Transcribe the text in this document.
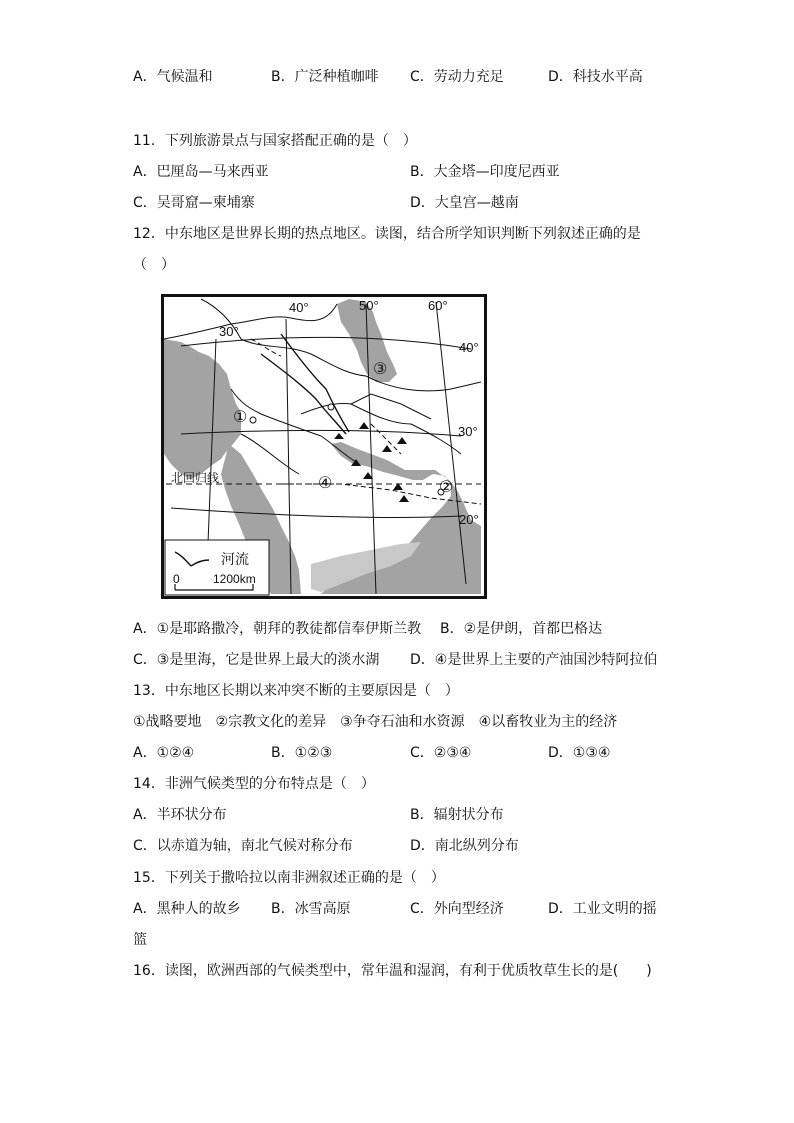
A．气候温和	B．广泛种植咖啡 C．劳动力充足	D．科技水平高
11．下列旅游景点与国家搭配正确的是（　）
A．巴厘岛—马来西亚	B．大金塔—印度尼西亚
C．吴哥窟—柬埔寨	D．大皇宫—越南
12．中东地区是世界长期的热点地区。读图，结合所学知识判断下列叙述正确的是
（　）
40°	50°	60°
30°
40°
30°
20°
北回归线
③
①
④	②
河流
0	1200km
A．①是耶路撒冷，朝拜的教徒都信奉伊斯兰教 B．②是伊朗，首都巴格达
C．③是里海，它是世界上最大的淡水湖 D．④是世界上主要的产油国沙特阿拉伯
13．中东地区长期以来冲突不断的主要原因是（　）
①战略要地　②宗教文化的差异　③争夺石油和水资源　④以畜牧业为主的经济
A．①②④	B．①②③	C．②③④	D．①③④
14．非洲气候类型的分布特点是（　）
A．半环状分布	B．辐射状分布
C．以赤道为轴，南北气候对称分布	D．南北纵列分布
15．下列关于撒哈拉以南非洲叙述正确的是（　）
A．黑种人的故乡 B．冰雪高原	C．外向型经济	D．工业文明的摇
篮
16．读图，欧洲西部的气候类型中，常年温和湿润，有利于优质牧草生长的是(　　)
